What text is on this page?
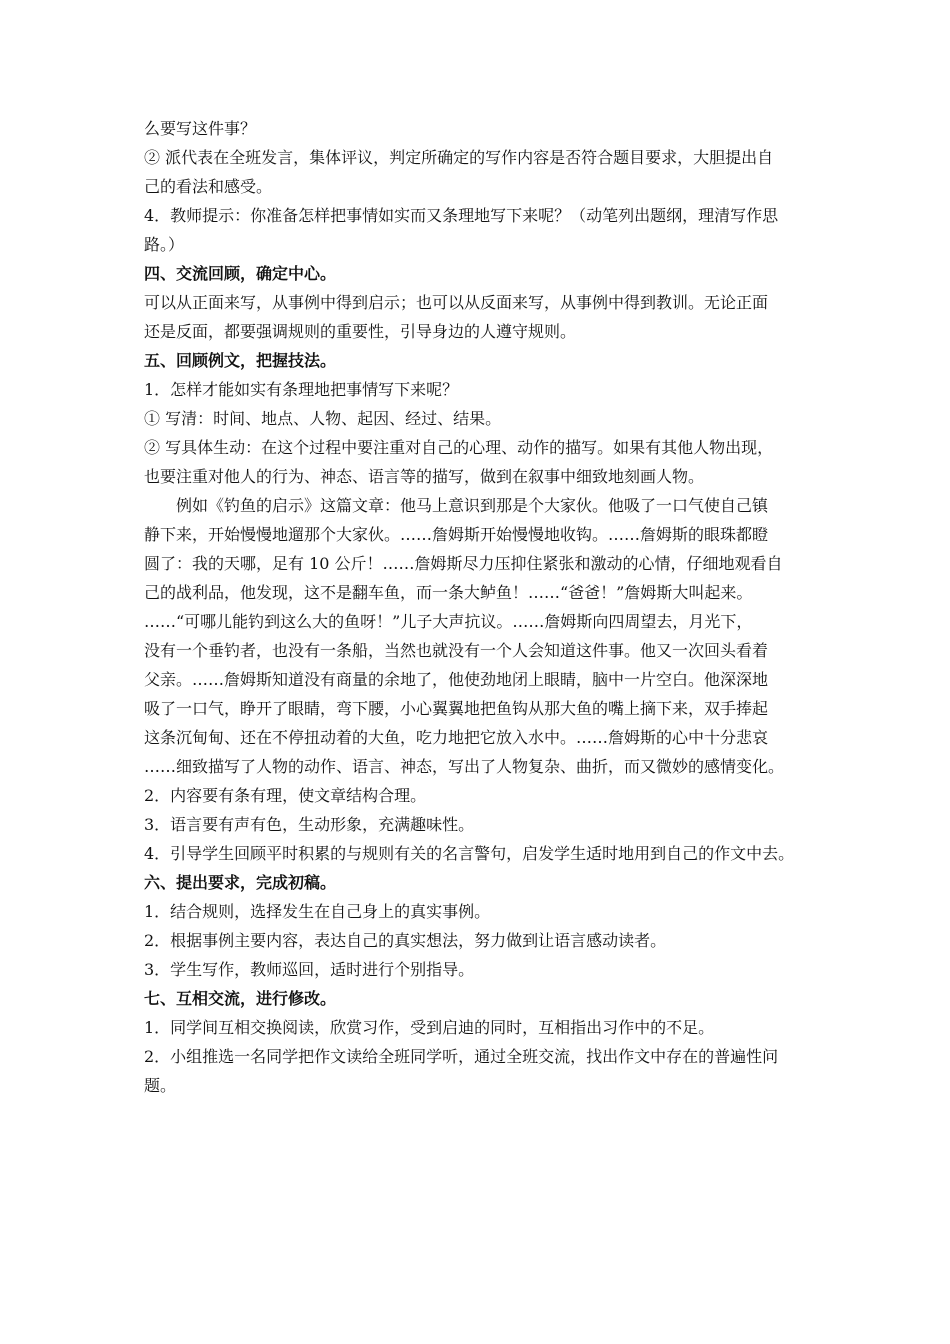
么要写这件事？
② 派代表在全班发言，集体评议，判定所确定的写作内容是否符合题目要求，大胆提出自
己的看法和感受。
4．教师提示：你准备怎样把事情如实而又条理地写下来呢？（动笔列出题纲，理清写作思
路。）
四、交流回顾，确定中心。
可以从正面来写，从事例中得到启示；也可以从反面来写，从事例中得到教训。无论正面
还是反面，都要强调规则的重要性，引导身边的人遵守规则。
五、回顾例文，把握技法。
1．怎样才能如实有条理地把事情写下来呢？
① 写清：时间、地点、人物、起因、经过、结果。
② 写具体生动：在这个过程中要注重对自己的心理、动作的描写。如果有其他人物出现，
也要注重对他人的行为、神态、语言等的描写，做到在叙事中细致地刻画人物。
例如《钓鱼的启示》这篇文章：他马上意识到那是个大家伙。他吸了一口气使自己镇
静下来，开始慢慢地遛那个大家伙。……詹姆斯开始慢慢地收钩。……詹姆斯的眼珠都瞪
圆了：我的天哪，足有 10 公斤！……詹姆斯尽力压抑住紧张和激动的心情，仔细地观看自
己的战利品，他发现，这不是翻车鱼，而一条大鲈鱼！……“爸爸！”詹姆斯大叫起来。
……“可哪儿能钓到这么大的鱼呀！”儿子大声抗议。……詹姆斯向四周望去，月光下，
没有一个垂钓者，也没有一条船，当然也就没有一个人会知道这件事。他又一次回头看着
父亲。……詹姆斯知道没有商量的余地了，他使劲地闭上眼睛，脑中一片空白。他深深地
吸了一口气，睁开了眼睛，弯下腰，小心翼翼地把鱼钩从那大鱼的嘴上摘下来，双手捧起
这条沉甸甸、还在不停扭动着的大鱼，吃力地把它放入水中。……詹姆斯的心中十分悲哀
……细致描写了人物的动作、语言、神态，写出了人物复杂、曲折，而又微妙的感情变化。
2．内容要有条有理，使文章结构合理。
3．语言要有声有色，生动形象，充满趣味性。
4．引导学生回顾平时积累的与规则有关的名言警句，启发学生适时地用到自己的作文中去。
六、提出要求，完成初稿。
1．结合规则，选择发生在自己身上的真实事例。
2．根据事例主要内容，表达自己的真实想法，努力做到让语言感动读者。
3．学生写作，教师巡回，适时进行个别指导。
七、互相交流，进行修改。
1．同学间互相交换阅读，欣赏习作，受到启迪的同时，互相指出习作中的不足。
2．小组推选一名同学把作文读给全班同学听，通过全班交流，找出作文中存在的普遍性问
题。
